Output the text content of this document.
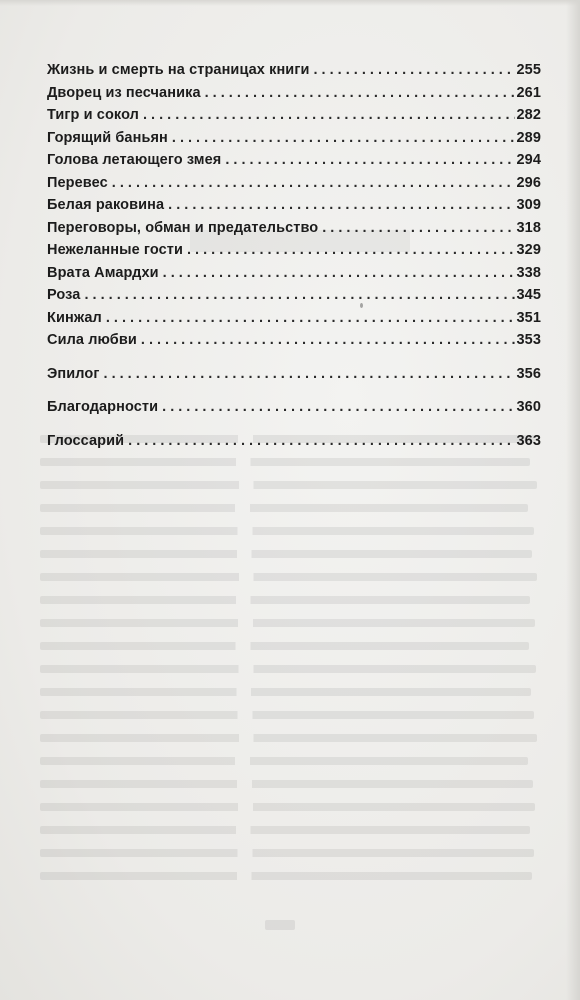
Жизнь и смерть на страницах книги . . .	255
Дворец из песчаника . . .	261
Тигр и сокол . . .	282
Горящий баньян . . .	289
Голова летающего змея . . .	294
Перевес . . .	296
Белая раковина . . .	309
Переговоры, обман и предательство . . .	318
Нежеланные гости . . .	329
Врата Амардхи . . .	338
Роза . . .	345
Кинжал . . .	351
Сила любви . . .	353
Эпилог . . .	356
Благодарности . . .	360
Глоссарий . . .	363
